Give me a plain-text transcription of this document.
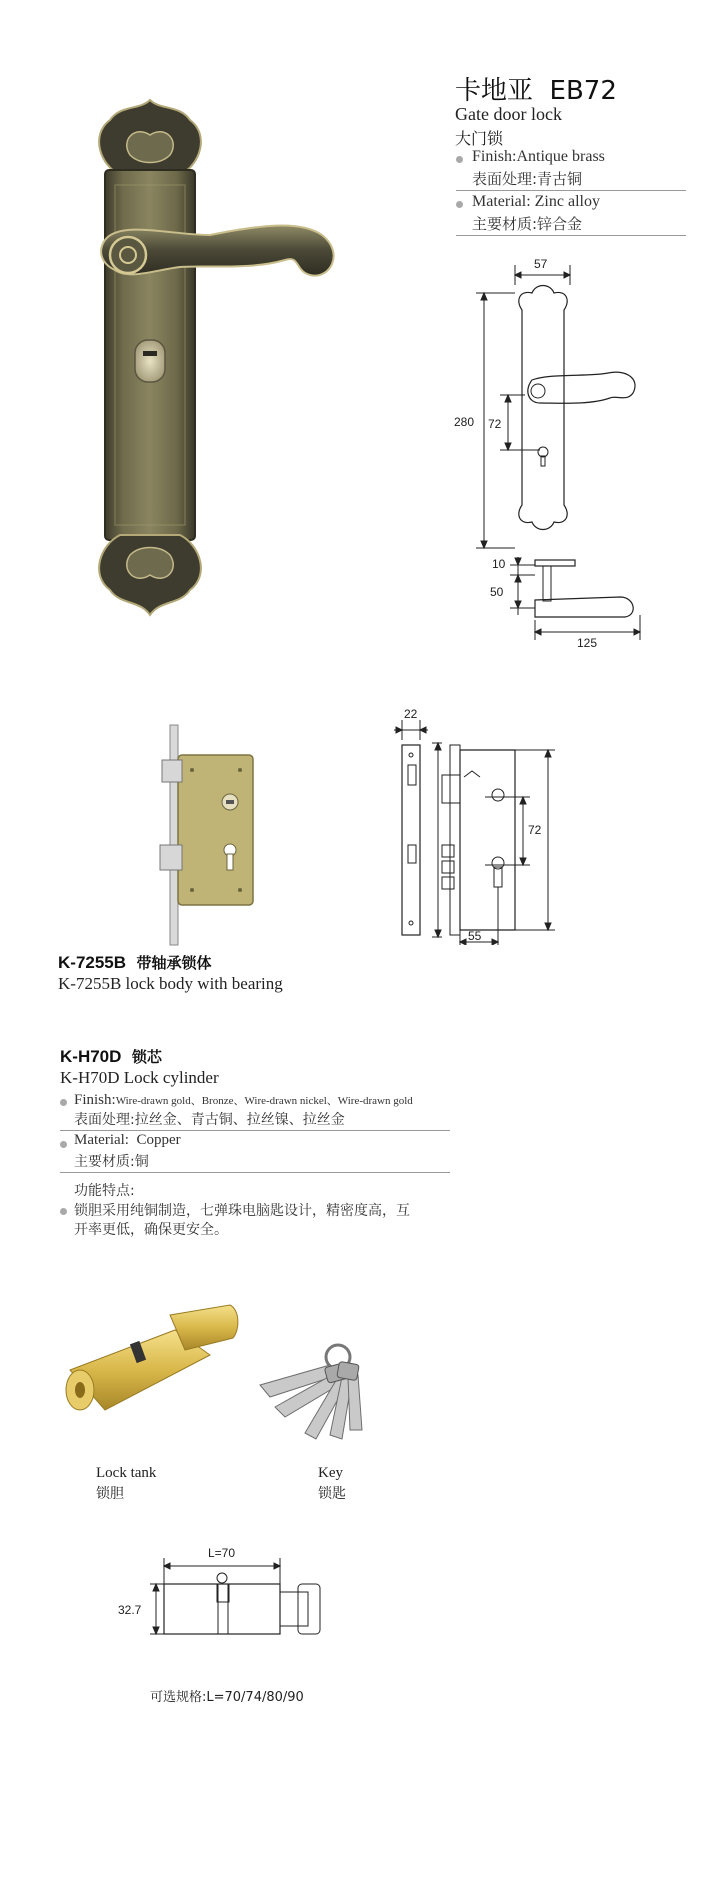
卡地亚  EB72
Gate door lock
大门锁
Finish:Antique brass
表面处理:青古铜
Material: Zinc alloy
主要材质:锌合金
57
280 72
10
50
125
22
72
55
K-7255B 带轴承锁体
K-7255B lock body with bearing
K-H70D 锁芯
K-H70D Lock cylinder
Finish:Wire-drawn gold、Bronze、Wire-drawn nickel、Wire-drawn gold
表面处理:拉丝金、青古铜、拉丝镍、拉丝金
Material:  Copper
主要材质:铜
功能特点:
锁胆采用纯铜制造，七弹珠电脑匙设计，精密度高，互
开率更低，确保更安全。
Lock tank
锁胆
Key
锁匙
L=70
32.7
可选规格:L=70/74/80/90
